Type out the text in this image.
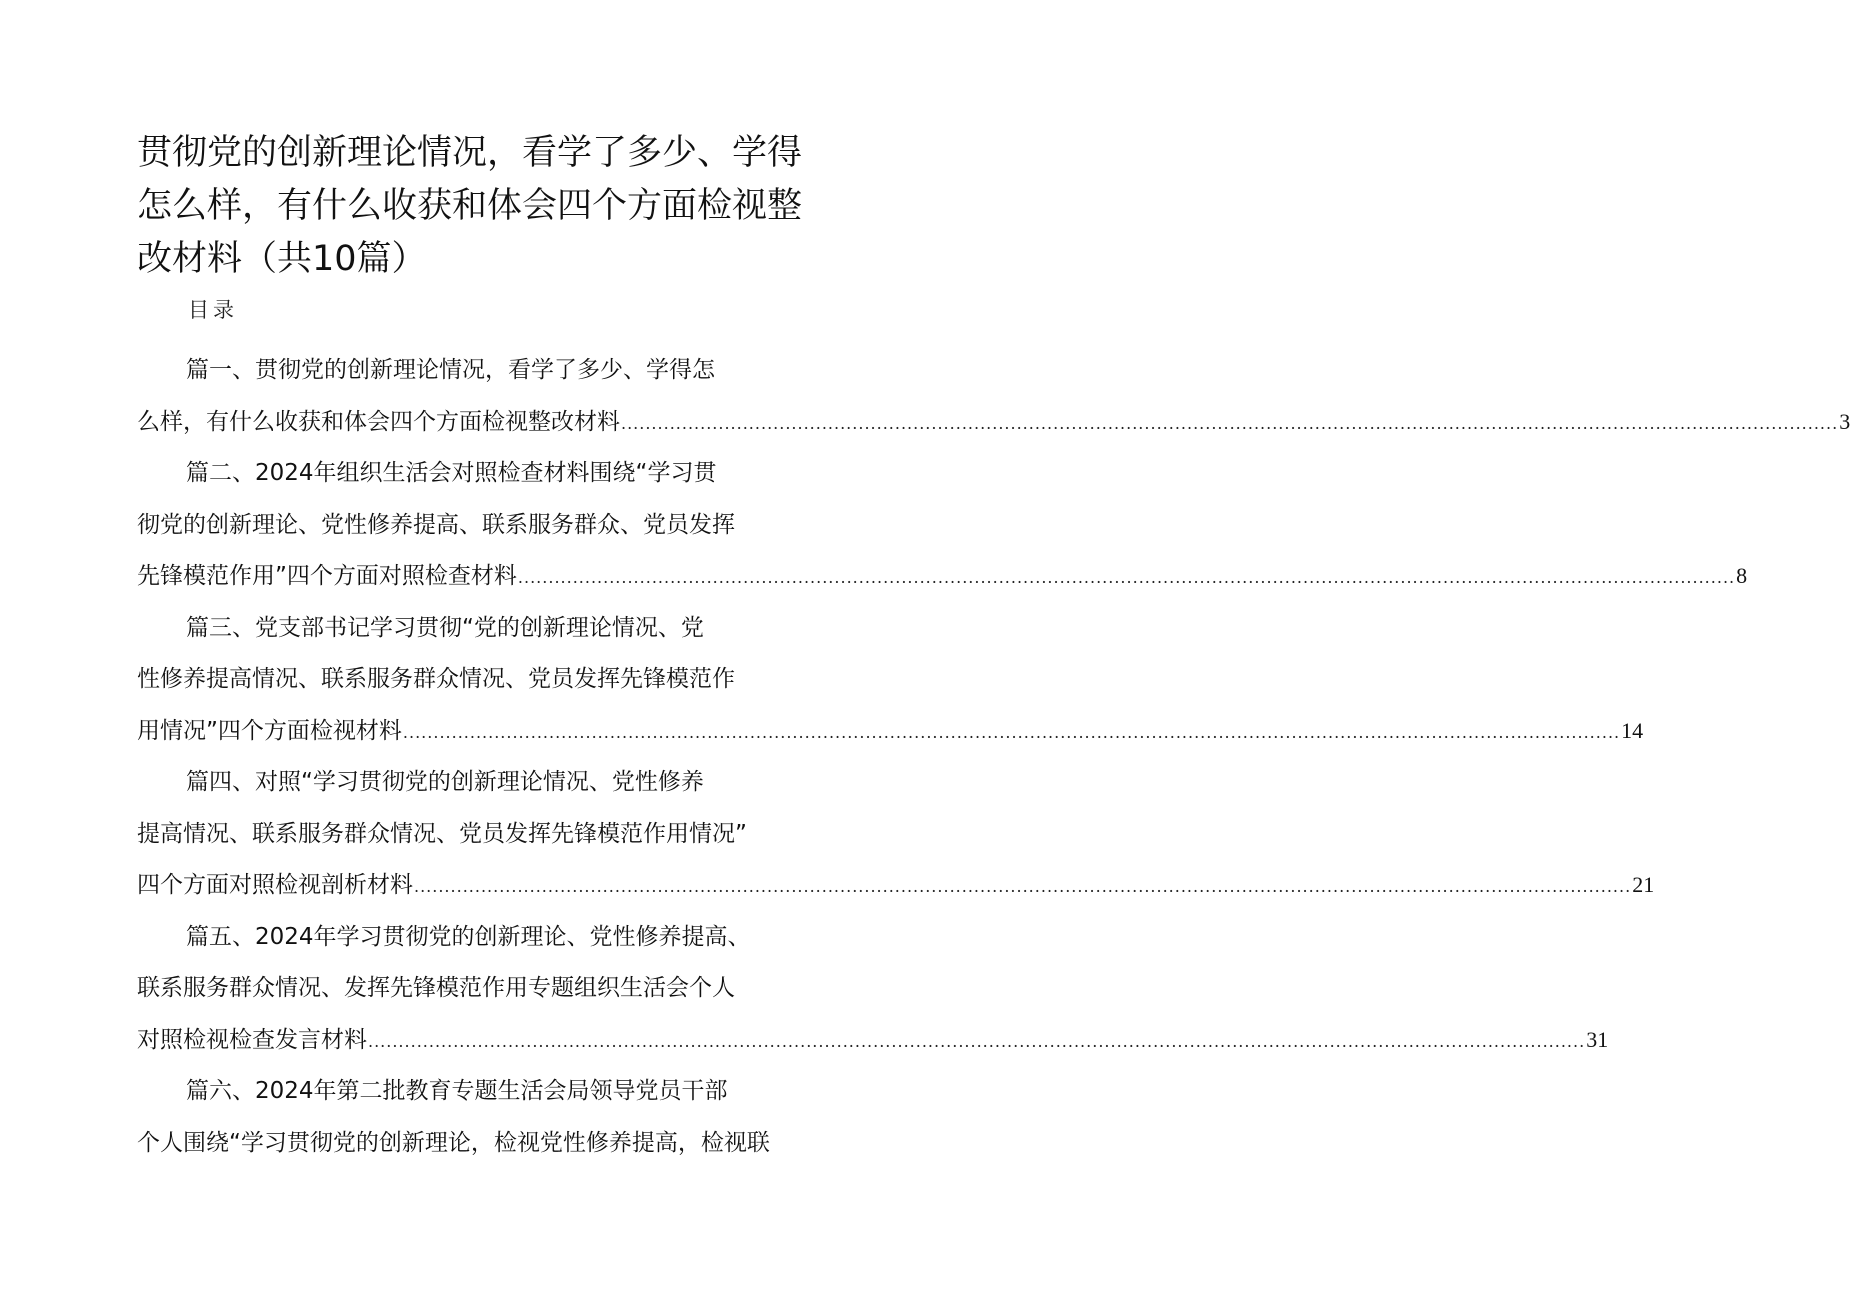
贯彻党的创新理论情况，看学了多少、学得
怎么样，有什么收获和体会四个方面检视整
改材料（共10篇）
目录
篇一、贯彻党的创新理论情况，看学了多少、学得怎
么样，有什么收获和体会四个方面检视整改材料 ........................................................................................................................................................................................................ 3
篇二、2024年组织生活会对照检查材料围绕“学习贯
彻党的创新理论、党性修养提高、联系服务群众、党员发挥
先锋模范作用”四个方面对照检查材料 ........................................................................................................................................................................................................ 8
篇三、党支部书记学习贯彻“党的创新理论情况、党
性修养提高情况、联系服务群众情况、党员发挥先锋模范作
用情况”四个方面检视材料 ........................................................................................................................................................................................................ 14
篇四、对照“学习贯彻党的创新理论情况、党性修养
提高情况、联系服务群众情况、党员发挥先锋模范作用情况”
四个方面对照检视剖析材料 ........................................................................................................................................................................................................ 21
篇五、2024年学习贯彻党的创新理论、党性修养提高、
联系服务群众情况、发挥先锋模范作用专题组织生活会个人
对照检视检查发言材料 ........................................................................................................................................................................................................ 31
篇六、2024年第二批教育专题生活会局领导党员干部
个人围绕“学习贯彻党的创新理论，检视党性修养提高，检视联
